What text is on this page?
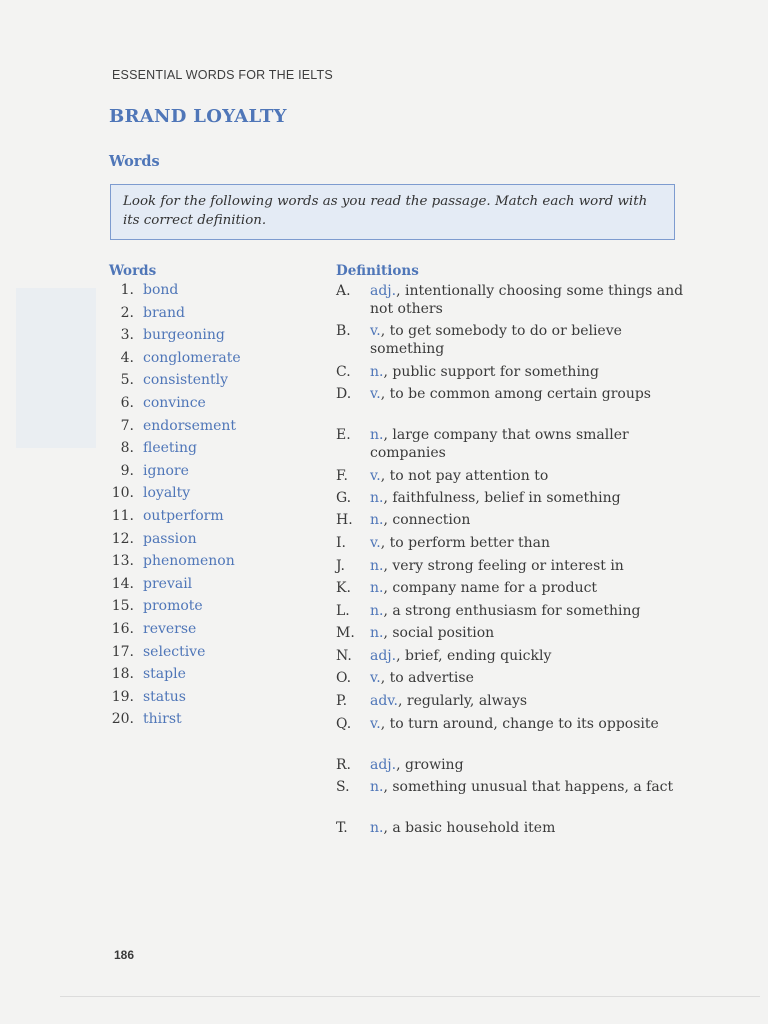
ESSENTIAL WORDS FOR THE IELTS
BRAND LOYALTY
Words
Look for the following words as you read the passage. Match each word with its correct definition.
Words	Definitions
1. bond
2. brand
3. burgeoning
4. conglomerate
5. consistently
6. convince
7. endorsement
8. fleeting
9. ignore
10. loyalty
11. outperform
12. passion
13. phenomenon
14. prevail
15. promote
16. reverse
17. selective
18. staple
19. status
20. thirst
A. adj., intentionally choosing some things and not others
B. v., to get somebody to do or believe something
C. n., public support for something
D. v., to be common among certain groups
E. n., large company that owns smaller companies
F. v., to not pay attention to
G. n., faithfulness, belief in something
H. n., connection
I. v., to perform better than
J. n., very strong feeling or interest in
K. n., company name for a product
L. n., a strong enthusiasm for something
M. n., social position
N. adj., brief, ending quickly
O. v., to advertise
P. adv., regularly, always
Q. v., to turn around, change to its opposite
R. adj., growing
S. n., something unusual that happens, a fact
T. n., a basic household item
186
